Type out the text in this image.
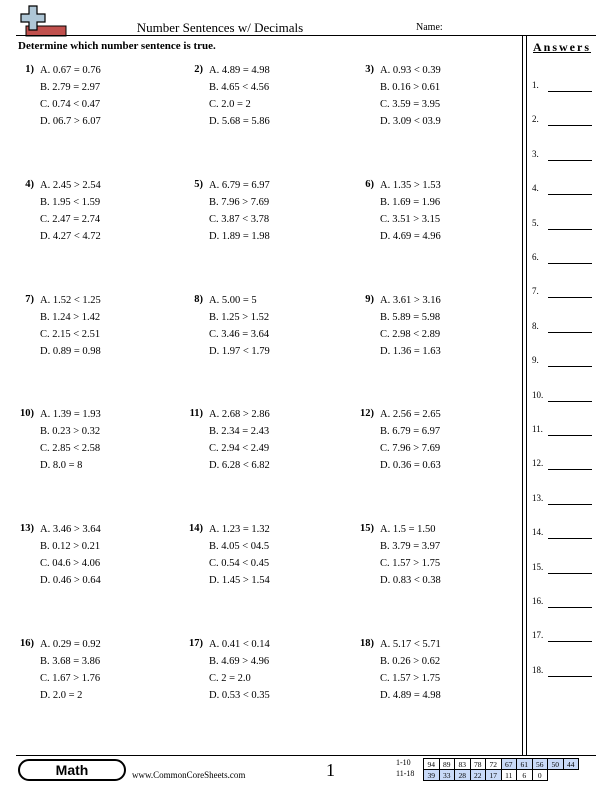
Number Sentences w/ Decimals	Name:
Determine which number sentence is true.	Answers
1.
2.
3.
4.
5.
6.
7.
8.
9.
10.
11.
12.
13.
14.
15.
16.
17.
18.
1) A. 0.67 = 0.76
B. 2.79 = 2.97
C. 0.74 < 0.47
D. 06.7 > 6.07
2) A. 4.89 = 4.98
B. 4.65 < 4.56
C. 2.0 = 2
D. 5.68 = 5.86
3) A. 0.93 < 0.39
B. 0.16 > 0.61
C. 3.59 = 3.95
D. 3.09 < 03.9
4) A. 2.45 > 2.54
B. 1.95 < 1.59
C. 2.47 = 2.74
D. 4.27 < 4.72
5) A. 6.79 = 6.97
B. 7.96 > 7.69
C. 3.87 < 3.78
D. 1.89 = 1.98
6) A. 1.35 > 1.53
B. 1.69 = 1.96
C. 3.51 > 3.15
D. 4.69 = 4.96
7) A. 1.52 < 1.25
B. 1.24 > 1.42
C. 2.15 < 2.51
D. 0.89 = 0.98
8) A. 5.00 = 5
B. 1.25 > 1.52
C. 3.46 = 3.64
D. 1.97 < 1.79
9) A. 3.61 > 3.16
B. 5.89 = 5.98
C. 2.98 < 2.89
D. 1.36 = 1.63
10) A. 1.39 = 1.93
B. 0.23 > 0.32
C. 2.85 < 2.58
D. 8.0 = 8
11) A. 2.68 > 2.86
B. 2.34 = 2.43
C. 2.94 < 2.49
D. 6.28 < 6.82
12) A. 2.56 = 2.65
B. 6.79 = 6.97
C. 7.96 > 7.69
D. 0.36 = 0.63
13) A. 3.46 > 3.64
B. 0.12 > 0.21
C. 04.6 > 4.06
D. 0.46 > 0.64
14) A. 1.23 = 1.32
B. 4.05 < 04.5
C. 0.54 < 0.45
D. 1.45 > 1.54
15) A. 1.5 = 1.50
B. 3.79 = 3.97
C. 1.57 > 1.75
D. 0.83 < 0.38
16) A. 0.29 = 0.92
B. 3.68 = 3.86
C. 1.67 > 1.76
D. 2.0 = 2
17) A. 0.41 < 0.14
B. 4.69 > 4.96
C. 2 = 2.0
D. 0.53 < 0.35
18) A. 5.17 < 5.71
B. 0.26 > 0.62
C. 1.57 > 1.75
D. 4.89 = 4.98
Math	www.CommonCoreSheets.com	1	1-10 94	89	83	78	72	67	61	56	50	44
11-18 39	33	28	22	17	11	6	0
